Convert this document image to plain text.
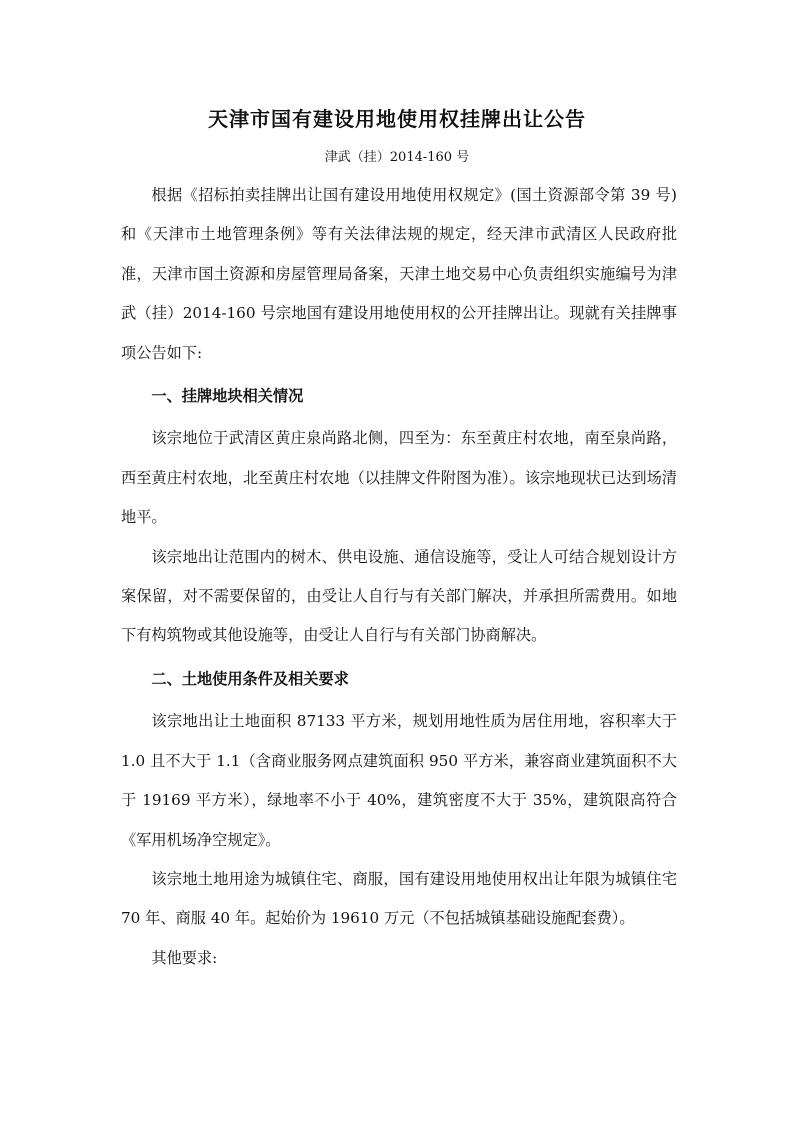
天津市国有建设用地使用权挂牌出让公告
津武（挂）2014-160 号

根据《招标拍卖挂牌出让国有建设用地使用权规定》(国土资源部令第 39 号)和《天津市土地管理条例》等有关法律法规的规定，经天津市武清区人民政府批准，天津市国土资源和房屋管理局备案，天津土地交易中心负责组织实施编号为津武（挂）2014-160 号宗地国有建设用地使用权的公开挂牌出让。现就有关挂牌事项公告如下:

一、挂牌地块相关情况

该宗地位于武清区黄庄泉尚路北侧，四至为：东至黄庄村农地，南至泉尚路，西至黄庄村农地，北至黄庄村农地（以挂牌文件附图为准）。该宗地现状已达到场清地平。

该宗地出让范围内的树木、供电设施、通信设施等，受让人可结合规划设计方案保留，对不需要保留的，由受让人自行与有关部门解决，并承担所需费用。如地下有构筑物或其他设施等，由受让人自行与有关部门协商解决。

二、土地使用条件及相关要求

该宗地出让土地面积 87133 平方米，规划用地性质为居住用地，容积率大于1.0 且不大于 1.1（含商业服务网点建筑面积 950 平方米，兼容商业建筑面积不大于 19169 平方米），绿地率不小于 40%，建筑密度不大于 35%，建筑限高符合《军用机场净空规定》。

该宗地土地用途为城镇住宅、商服，国有建设用地使用权出让年限为城镇住宅 70 年、商服 40 年。起始价为 19610 万元（不包括城镇基础设施配套费）。

其他要求:
